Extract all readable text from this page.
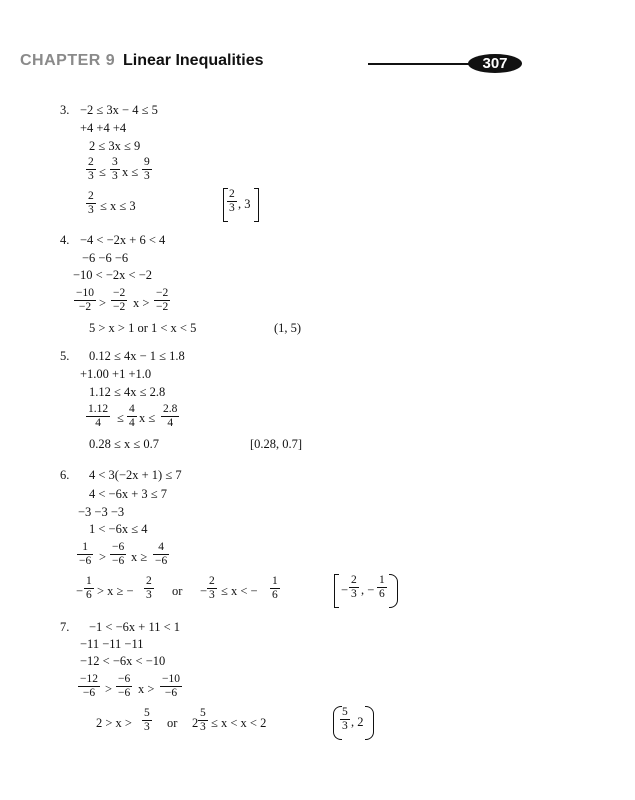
CHAPTER 9 Linear Inequalities	307
3. −2 ≤ 3x − 4 ≤ 5
+4 +4 +4
2 ≤ 3x ≤ 9
$\frac{2}{3} \le \frac{3}{3}$ $x \le \frac{9}{3}$
$\frac{2}{3} \le x \le 3$	$\frac{2}{3}$ , 3
4. −4 < −2x + 6 < 4
−6 −6 −6
−10 < −2x < −2
$\frac{-10}{-2} > \frac{-2}{-2}$ $x > \frac{-2}{-2}$
5 > x > 1 or 1 < x < 5	(1, 5)
5. 0.12 ≤ 4x − 1 ≤ 1.8
+1.00 +1 +1.0
1.12 ≤ 4x ≤ 2.8
$\frac{1.12}{4} \le \frac{4}{4}$ $x \le \frac{2.8}{4}$
0.28 ≤ x ≤ 0.7	[0.28, 0.7]
6. 4 < 3(−2x + 1) ≤ 7
4 < −6x + 3 ≤ 7
−3 −3 −3
1 < −6x ≤ 4
$\frac{1}{-6} > \frac{-6}{-6}$ $x \ge \frac{4}{-6}$
− $\frac{1}{6} > x$ ≥ − $\frac{2}{3}$ or − $\frac{2}{3} \le x$ < − $\frac{1}{6}$	− $\frac{2}{3}$ , − $\frac{1}{6}$
7. −1 < −6x + 11 < 1
−11 −11 −11
−12 < −6x < −10
$\frac{-12}{-6} > \frac{-6}{-6}$ $x > \frac{-10}{-6}$
$2 > x > \frac{5}{3}$ or $2 \frac{5}{3} \le x < x < 2$	$\frac{5}{3}$ , 2
